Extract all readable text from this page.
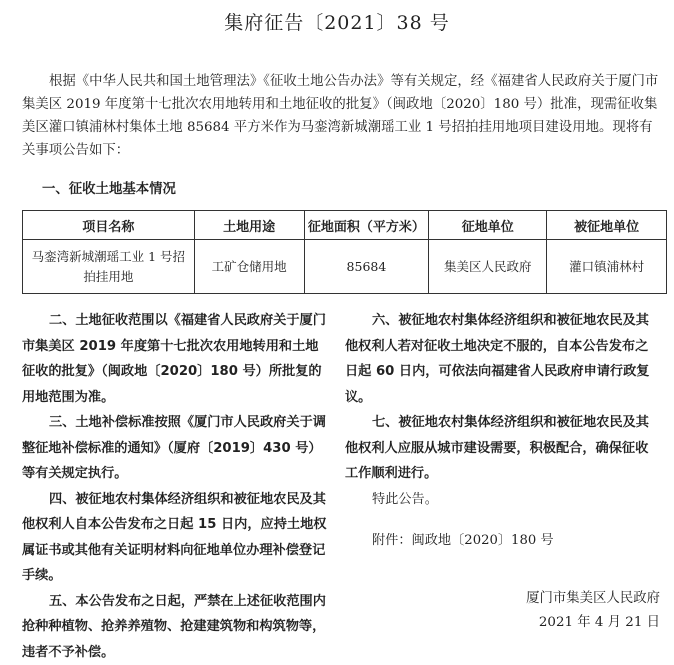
集府征告〔2021〕38 号

根据《中华人民共和国土地管理法》《征收土地公告办法》等有关规定，经《福建省人民政府关于厦门市集美区 2019 年度第十七批次农用地转用和土地征收的批复》（闽政地〔2020〕180 号）批准，现需征收集美区灌口镇浦林村集体土地 85684 平方米作为马銮湾新城潮瑶工业 1 号招拍挂用地项目建设用地。现将有关事项公告如下：

一、征收土地基本情况
项目名称	土地用途	征地面积（平方米）	征地单位	被征地单位
马銮湾新城潮瑶工业 1 号招拍挂用地	工矿仓储用地	85684	集美区人民政府	灌口镇浦林村

二、土地征收范围以《福建省人民政府关于厦门市集美区 2019 年度第十七批次农用地转用和土地征收的批复》（闽政地〔2020〕180 号）所批复的用地范围为准。

三、土地补偿标准按照《厦门市人民政府关于调整征地补偿标准的通知》（厦府〔2019〕430 号）等有关规定执行。

四、被征地农村集体经济组织和被征地农民及其他权利人自本公告发布之日起 15 日内，应持土地权属证书或其他有关证明材料向征地单位办理补偿登记手续。

五、本公告发布之日起，严禁在上述征收范围内抢种种植物、抢养养殖物、抢建建筑物和构筑物等，违者不予补偿。

六、被征地农村集体经济组织和被征地农民及其他权利人若对征收土地决定不服的，自本公告发布之日起 60 日内，可依法向福建省人民政府申请行政复议。

七、被征地农村集体经济组织和被征地农民及其他权利人应服从城市建设需要，积极配合，确保征收工作顺利进行。

特此公告。

附件：闽政地〔2020〕180 号

厦门市集美区人民政府
2021 年 4 月 21 日
